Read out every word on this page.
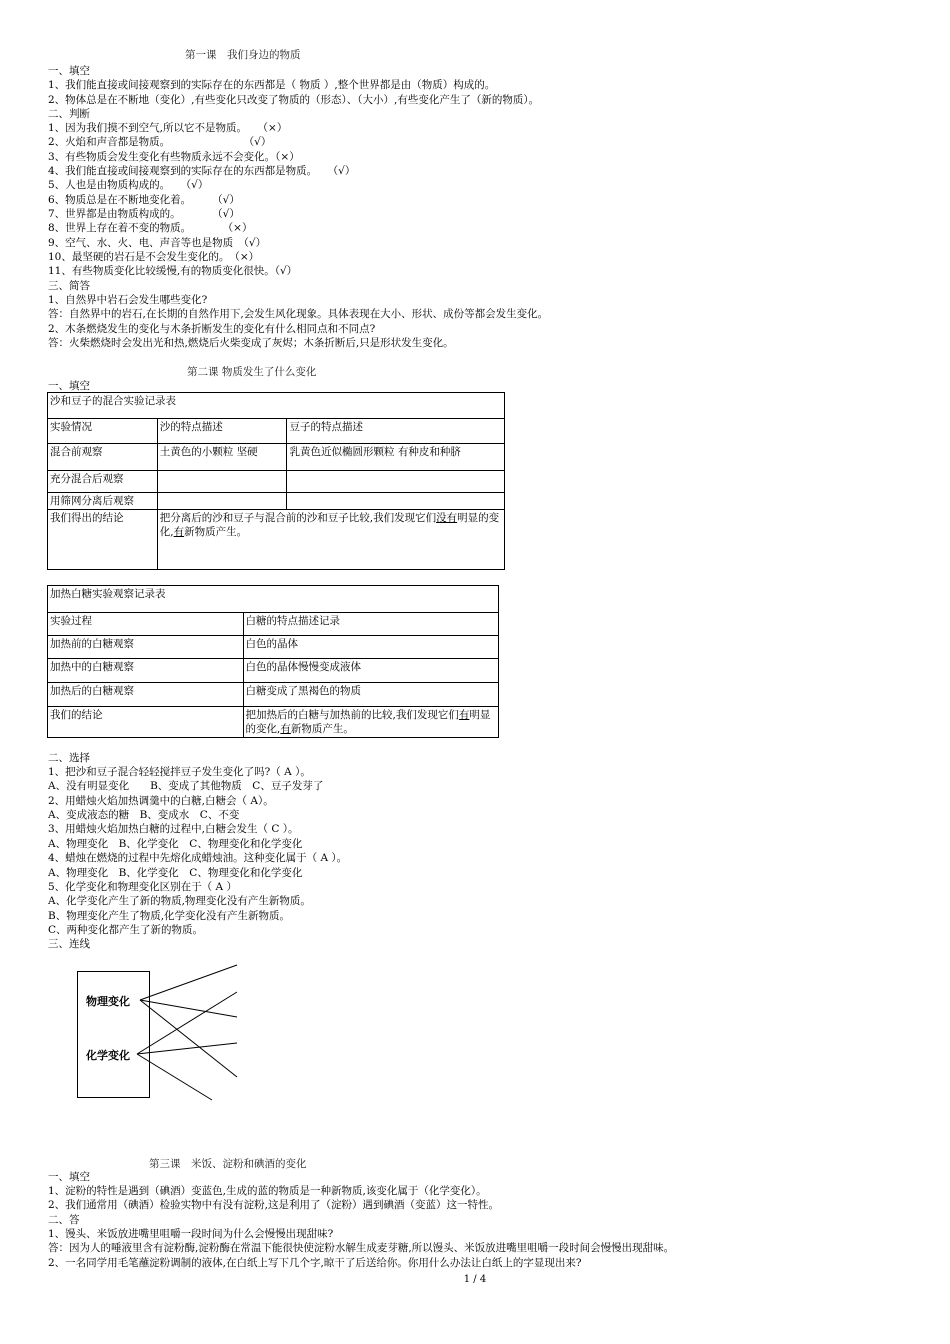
第一课　我们身边的物质
一、填空
1、我们能直接或间接观察到的实际存在的东西都是（ 物质 ）,整个世界都是由（物质）构成的。
2、物体总是在不断地（变化）,有些变化只改变了物质的（形态）、（大小）,有些变化产生了（新的物质）。
二、判断
1、因为我们摸不到空气,所以它不是物质。　　（×）
2、火焰和声音都是物质。　　　　　　　　（√）
3、有些物质会发生变化有些物质永远不会变化。（×）
4、我们能直接或间接观察到的实际存在的东西都是物质。　　（√）
5、人也是由物质构成的。　　（√）
6、物质总是在不断地变化着。　　　（√）
7、世界都是由物质构成的。　　　　（√）
8、世界上存在着不变的物质。　　　　（×）
9、空气、水、火、电、声音等也是物质　（√）
10、最坚硬的岩石是不会发生变化的。　（×）
11、有些物质变化比较缓慢,有的物质变化很快。（√）
三、简答
1、自然界中岩石会发生哪些变化?
答：自然界中的岩石,在长期的自然作用下,会发生风化现象。具体表现在大小、形状、成份等都会发生变化。
2、木条燃烧发生的变化与木条折断发生的变化有什么相同点和不同点?
答：火柴燃烧时会发出光和热,燃烧后火柴变成了灰烬；木条折断后,只是形状发生变化。
第二课 物质发生了什么变化
一、填空
沙和豆子的混合实验记录表		
实验情况	沙的特点描述	豆子的特点描述
混合前观察	土黄色的小颗粒 坚硬	乳黄色近似椭圆形颗粒 有种皮和种脐
充分混合后观察		
用筛网分离后观察		
我们得出的结论	把分离后的沙和豆子与混合前的沙和豆子比较,我们发现它们没有明显的变化,有新物质产生。	
加热白糖实验观察记录表	
实验过程	白糖的特点描述记录
加热前的白糖观察	白色的晶体
加热中的白糖观察	白色的晶体慢慢变成液体
加热后的白糖观察	白糖变成了黑褐色的物质
我们的结论	把加热后的白糖与加热前的比较,我们发现它们有明显的变化,有新物质产生。
二、选择
1、把沙和豆子混合轻轻搅拌豆子发生变化了吗?（ A ）。
A、没有明显变化　　B、变成了其他物质　C、豆子发芽了
2、用蜡烛火焰加热调羹中的白糖,白糖会（ A）。
A、变成液态的糖　B、变成水　C、不变
3、用蜡烛火焰加热白糖的过程中,白糖会发生（ C ）。
A、物理变化　B、化学变化　C、物理变化和化学变化
4、蜡烛在燃烧的过程中先熔化成蜡烛油。这种变化属于（ A ）。
A、物理变化　B、化学变化　C、物理变化和化学变化
5、化学变化和物理变化区别在于（ A ）
A、化学变化产生了新的物质,物理变化没有产生新物质。
B、物理变化产生了物质,化学变化没有产生新物质。
C、两种变化都产生了新的物质。
三、连线
物理变化
化学变化
第三课　米饭、淀粉和碘酒的变化
一、填空
1、淀粉的特性是遇到（碘酒）变蓝色,生成的蓝的物质是一种新物质,该变化属于（化学变化）。
2、我们通常用（碘酒）检验实物中有没有淀粉,这是利用了（淀粉）遇到碘酒（变蓝）这一特性。
二、答
1、馒头、米饭放进嘴里咀嚼一段时间为什么会慢慢出现甜味?
答：因为人的唾液里含有淀粉酶,淀粉酶在常温下能很快使淀粉水解生成麦芽糖,所以馒头、米饭放进嘴里咀嚼一段时间会慢慢出现甜味。
2、一名同学用毛笔蘸淀粉调制的液体,在白纸上写下几个字,晾干了后送给你。你用什么办法让白纸上的字显现出来?
1 / 4
